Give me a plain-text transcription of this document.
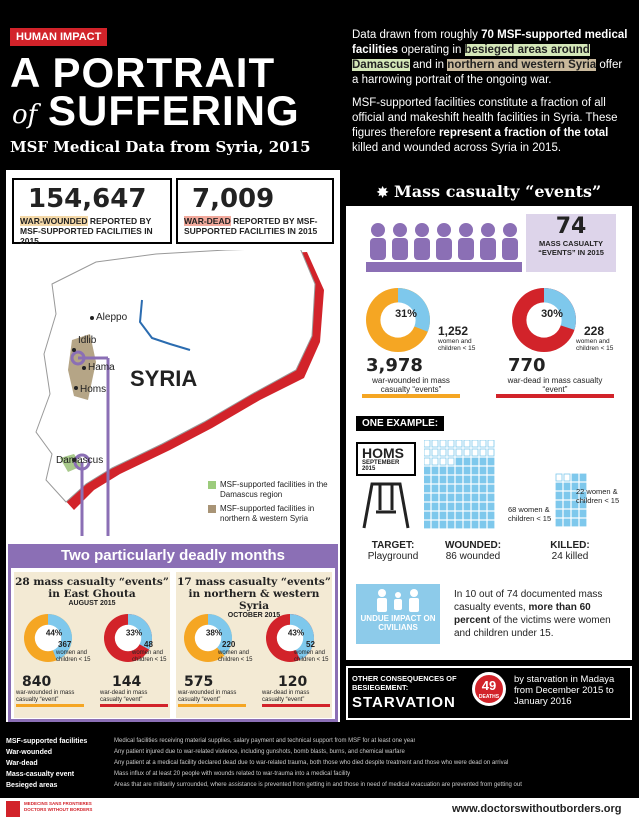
HUMAN IMPACT
A PORTRAIT
of SUFFERING
MSF Medical Data from Syria, 2015
Data drawn from roughly 70 MSF-supported medical facilities operating in besieged areas around Damascus and in northern and western Syria offer a harrowing portrait of the ongoing war.
MSF-supported facilities constitute a fraction of all official and makeshift health facilities in Syria. These figures therefore represent a fraction of the total killed and wounded across Syria in 2015.
154,647
WAR-WOUNDED REPORTED BY MSF-SUPPORTED FACILITIES IN 2015
7,009
WAR-DEAD REPORTED BY MSF-SUPPORTED FACILITIES IN 2015
Aleppo
Idlib
Hama
Homs
Damascus
SYRIA
MSF-supported facilities in the Damascus region
MSF-supported facilities in northern & western Syria
Two particularly deadly months
28 mass casualty “events” in East Ghouta
AUGUST 2015
17 mass casualty “events” in northern & western Syria
OCTOBER 2015
44%	33%	38%	43%
367
women and children < 15
48
women and children < 15
220
women and children < 15
52
women and children < 15
840
war-wounded in mass casualty “event”
144
war-dead in mass casualty “event”
575
war-wounded in mass casualty “event”
120
war-dead in mass casualty “event”
✸ Mass casualty “events”
74
MASS CASUALTY “EVENTS” IN 2015
31%	30%
1,252
women and children < 15
228
women and children < 15
3,978
war-wounded in mass casualty “events”
770
war-dead in mass casualty “event”
ONE EXAMPLE:
HOMS
SEPTEMBER 2015
68 women & children < 15
22 women & children < 15
TARGET:
Playground
WOUNDED:
86 wounded
KILLED:
24 killed
UNDUE IMPACT ON CIVILIANS
In 10 out of 74 documented mass casualty events, more than 60 percent of the victims were women and children under 15.
OTHER CONSEQUENCES OF BESIEGEMENT:
STARVATION
49
DEATHS
by starvation in Madaya from December 2015 to January 2016
MSF-supported facilities	Medical facilities receiving material supplies, salary payment and technical support from MSF for at least one year
War-wounded	Any patient injured due to war-related violence, including gunshots, bomb blasts, burns, and chemical warfare
War-dead	Any patient at a medical facility declared dead due to war-related trauma, both those who died despite treatment and those who were dead on arrival
Mass-casualty event	Mass influx of at least 20 people with wounds related to war-trauma into a medical facility
Besieged areas	Areas that are militarily surrounded, where assistance is prevented from getting in and those in need of medical evacuation are prevented from getting out
MEDECINS SANS FRONTIERES
DOCTORS WITHOUT BORDERS	www.doctorswithoutborders.org
